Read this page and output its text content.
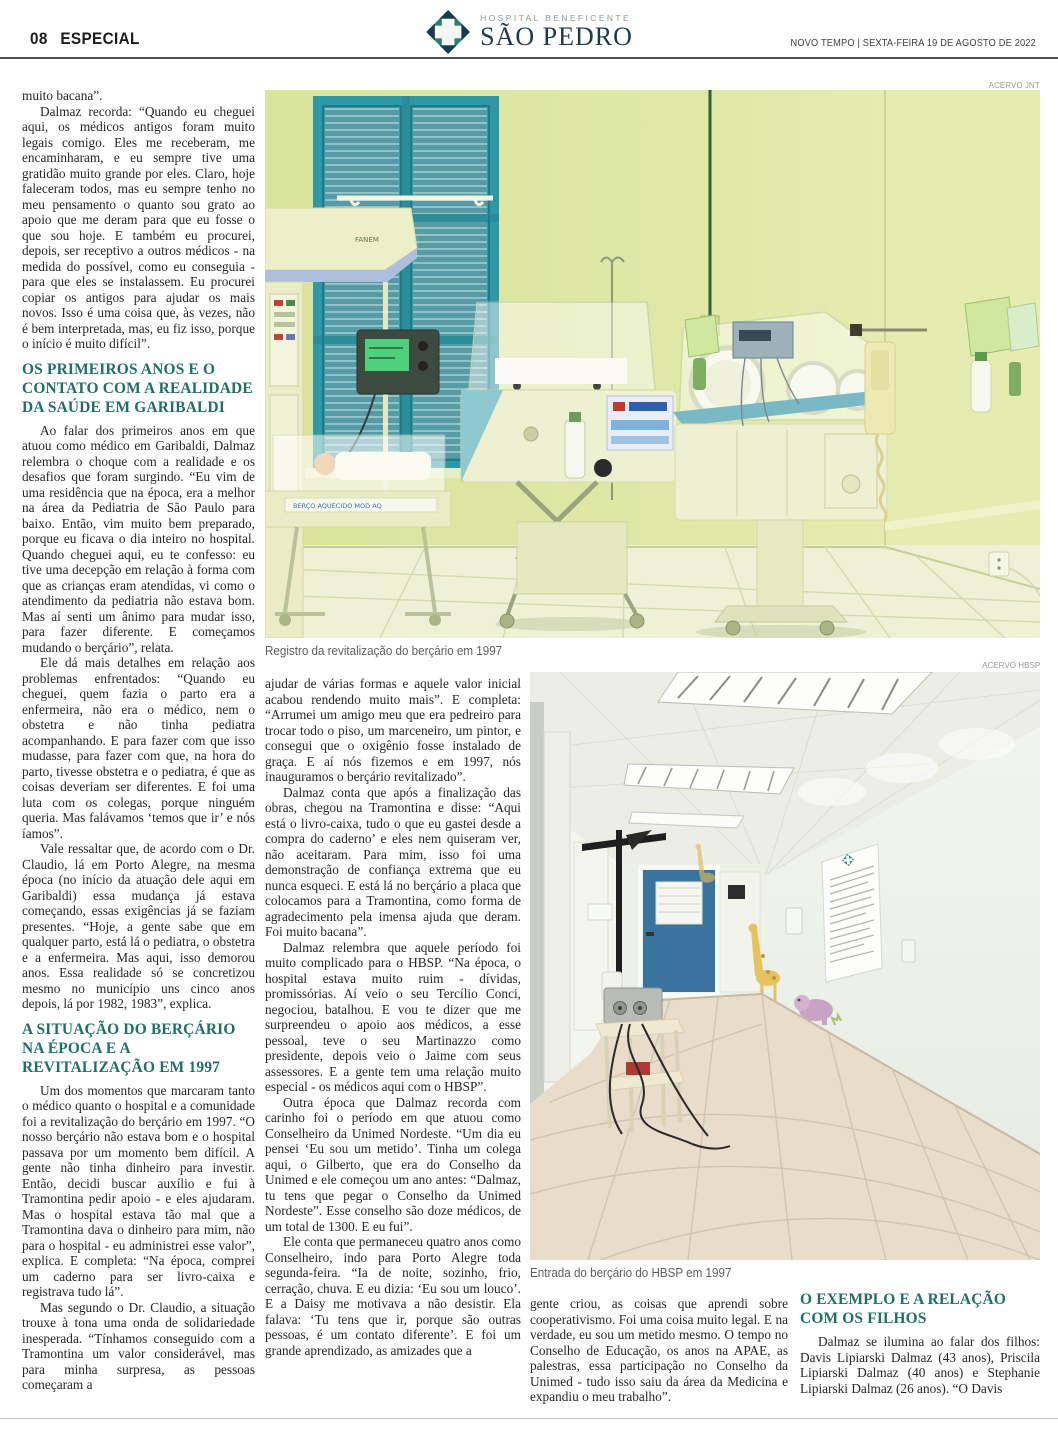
08 ESPECIAL
HOSPITAL BENEFICENTE
SÃO PEDRO	NOVO TEMPO | SEXTA-FEIRA 19 DE AGOSTO DE 2022
ACERVO JNT
FANEM
BERÇO AQUECIDO MOD AQ
Registro da revitalização do berçário em 1997
ACERVO HBSP
Entrada do berçário do HBSP em 1997

muito bacana”.

Dalmaz recorda: “Quando eu cheguei aqui, os médicos antigos foram muito legais comigo. Eles me receberam, me encaminharam, e eu sempre tive uma gratidão muito grande por eles. Claro, hoje faleceram todos, mas eu sempre tenho no meu pensamento o quanto sou grato ao apoio que me deram para que eu fosse o que sou hoje. E também eu procurei, depois, ser receptivo a outros médicos - na medida do possível, como eu conseguia - para que eles se instalassem. Eu procurei copiar os antigos para ajudar os mais novos. Isso é uma coisa que, às vezes, não é bem interpretada, mas, eu fiz isso, porque o início é muito difícil”.

OS PRIMEIROS ANOS E O CONTATO COM A REALIDADE DA SAÚDE EM GARIBALDI

Ao falar dos primeiros anos em que atuou como médico em Garibaldi, Dalmaz relembra o choque com a realidade e os desafios que foram surgindo. “Eu vim de uma residência que na época, era a melhor na área da Pediatria de São Paulo para baixo. Então, vim muito bem preparado, porque eu ficava o dia inteiro no hospital. Quando cheguei aqui, eu te confesso: eu tive uma decepção em relação à forma com que as crianças eram atendidas, vi como o atendimento da pediatria não estava bom. Mas aí senti um ânimo para mudar isso, para fazer diferente. E começamos mudando o berçário”, relata.

Ele dá mais detalhes em relação aos problemas enfrentados: “Quando eu cheguei, quem fazia o parto era a enfermeira, não era o médico, nem o obstetra e não tinha pediatra acompanhando. E para fazer com que isso mudasse, para fazer com que, na hora do parto, tivesse obstetra e o pediatra, é que as coisas deveriam ser diferentes. E foi uma luta com os colegas, porque ninguém queria. Mas falávamos ‘temos que ir’ e nós íamos”.

Vale ressaltar que, de acordo com o Dr. Claudio, lá em Porto Alegre, na mesma época (no início da atuação dele aqui em Garibaldi) essa mudança já estava começando, essas exigências já se faziam presentes. “Hoje, a gente sabe que em qualquer parto, está lá o pediatra, o obstetra e a enfermeira. Mas aqui, isso demorou anos. Essa realidade só se concretizou mesmo no município uns cinco anos depois, lá por 1982, 1983”, explica.

A SITUAÇÃO DO BERÇÁRIO NA ÉPOCA E A REVITALIZAÇÃO EM 1997

Um dos momentos que marcaram tanto o médico quanto o hospital e a comunidade foi a revitalização do berçário em 1997. “O nosso berçário não estava bom e o hospital passava por um momento bem difícil. A gente não tinha dinheiro para investir. Então, decidi buscar auxílio e fui à Tramontina pedir apoio - e eles ajudaram. Mas o hospital estava tão mal que a Tramontina dava o dinheiro para mim, não para o hospital - eu administrei esse valor”, explica. E completa: “Na época, comprei um caderno para ser livro-caixa e registrava tudo lá”.

Mas segundo o Dr. Claudio, a situação trouxe à tona uma onda de solidariedade inesperada. “Tínhamos conseguido com a Tramontina um valor considerável, mas para minha surpresa, as pessoas começaram a

ajudar de várias formas e aquele valor inicial acabou rendendo muito mais”. E completa: “Arrumei um amigo meu que era pedreiro para trocar todo o piso, um marceneiro, um pintor, e consegui que o oxigênio fosse instalado de graça. E aí nós fizemos e em 1997, nós inauguramos o berçário revitalizado”.

Dalmaz conta que após a finalização das obras, chegou na Tramontina e disse: “Aqui está o livro-caixa, tudo o que eu gastei desde a compra do caderno’ e eles nem quiseram ver, não aceitaram. Para mim, isso foi uma demonstração de confiança extrema que eu nunca esqueci. E está lá no berçário a placa que colocamos para a Tramontina, como forma de agradecimento pela imensa ajuda que deram. Foi muito bacana”.

Dalmaz relembra que aquele período foi muito complicado para o HBSP. “Na época, o hospital estava muito ruim - dívidas, promissórias. Aí veio o seu Tercílio Conci, negociou, batalhou. E vou te dizer que me surpreendeu o apoio aos médicos, a esse pessoal, teve o seu Martinazzo como presidente, depois veio o Jaime com seus assessores. E a gente tem uma relação muito especial - os médicos aqui com o HBSP”.

Outra época que Dalmaz recorda com carinho foi o período em que atuou como Conselheiro da Unimed Nordeste. “Um dia eu pensei ‘Eu sou um metido’. Tinha um colega aqui, o Gilberto, que era do Conselho da Unimed e ele começou um ano antes: “Dalmaz, tu tens que pegar o Conselho da Unimed Nordeste”. Esse conselho são doze médicos, de um total de 1300. E eu fui”.

Ele conta que permaneceu quatro anos como Conselheiro, indo para Porto Alegre toda segunda-feira. “Ia de noite, sozinho, frio, cerração, chuva. E eu dizia: ‘Eu sou um louco’. E a Daisy me motivava a não desistir. Ela falava: ‘Tu tens que ir, porque são outras pessoas, é um contato diferente’. E foi um grande aprendizado, as amizades que a

gente criou, as coisas que aprendi sobre cooperativismo. Foi uma coisa muito legal. E na verdade, eu sou um metido mesmo. O tempo no Conselho de Educação, os anos na APAE, as palestras, essa participação no Conselho da Unimed - tudo isso saiu da área da Medicina e expandiu o meu trabalho”.

O EXEMPLO E A RELAÇÃO COM OS FILHOS

Dalmaz se ilumina ao falar dos filhos: Davis Lipiarski Dalmaz (43 anos), Priscila Lipiarski Dalmaz (40 anos) e Stephanie Lipiarski Dalmaz (26 anos). “O Davis
